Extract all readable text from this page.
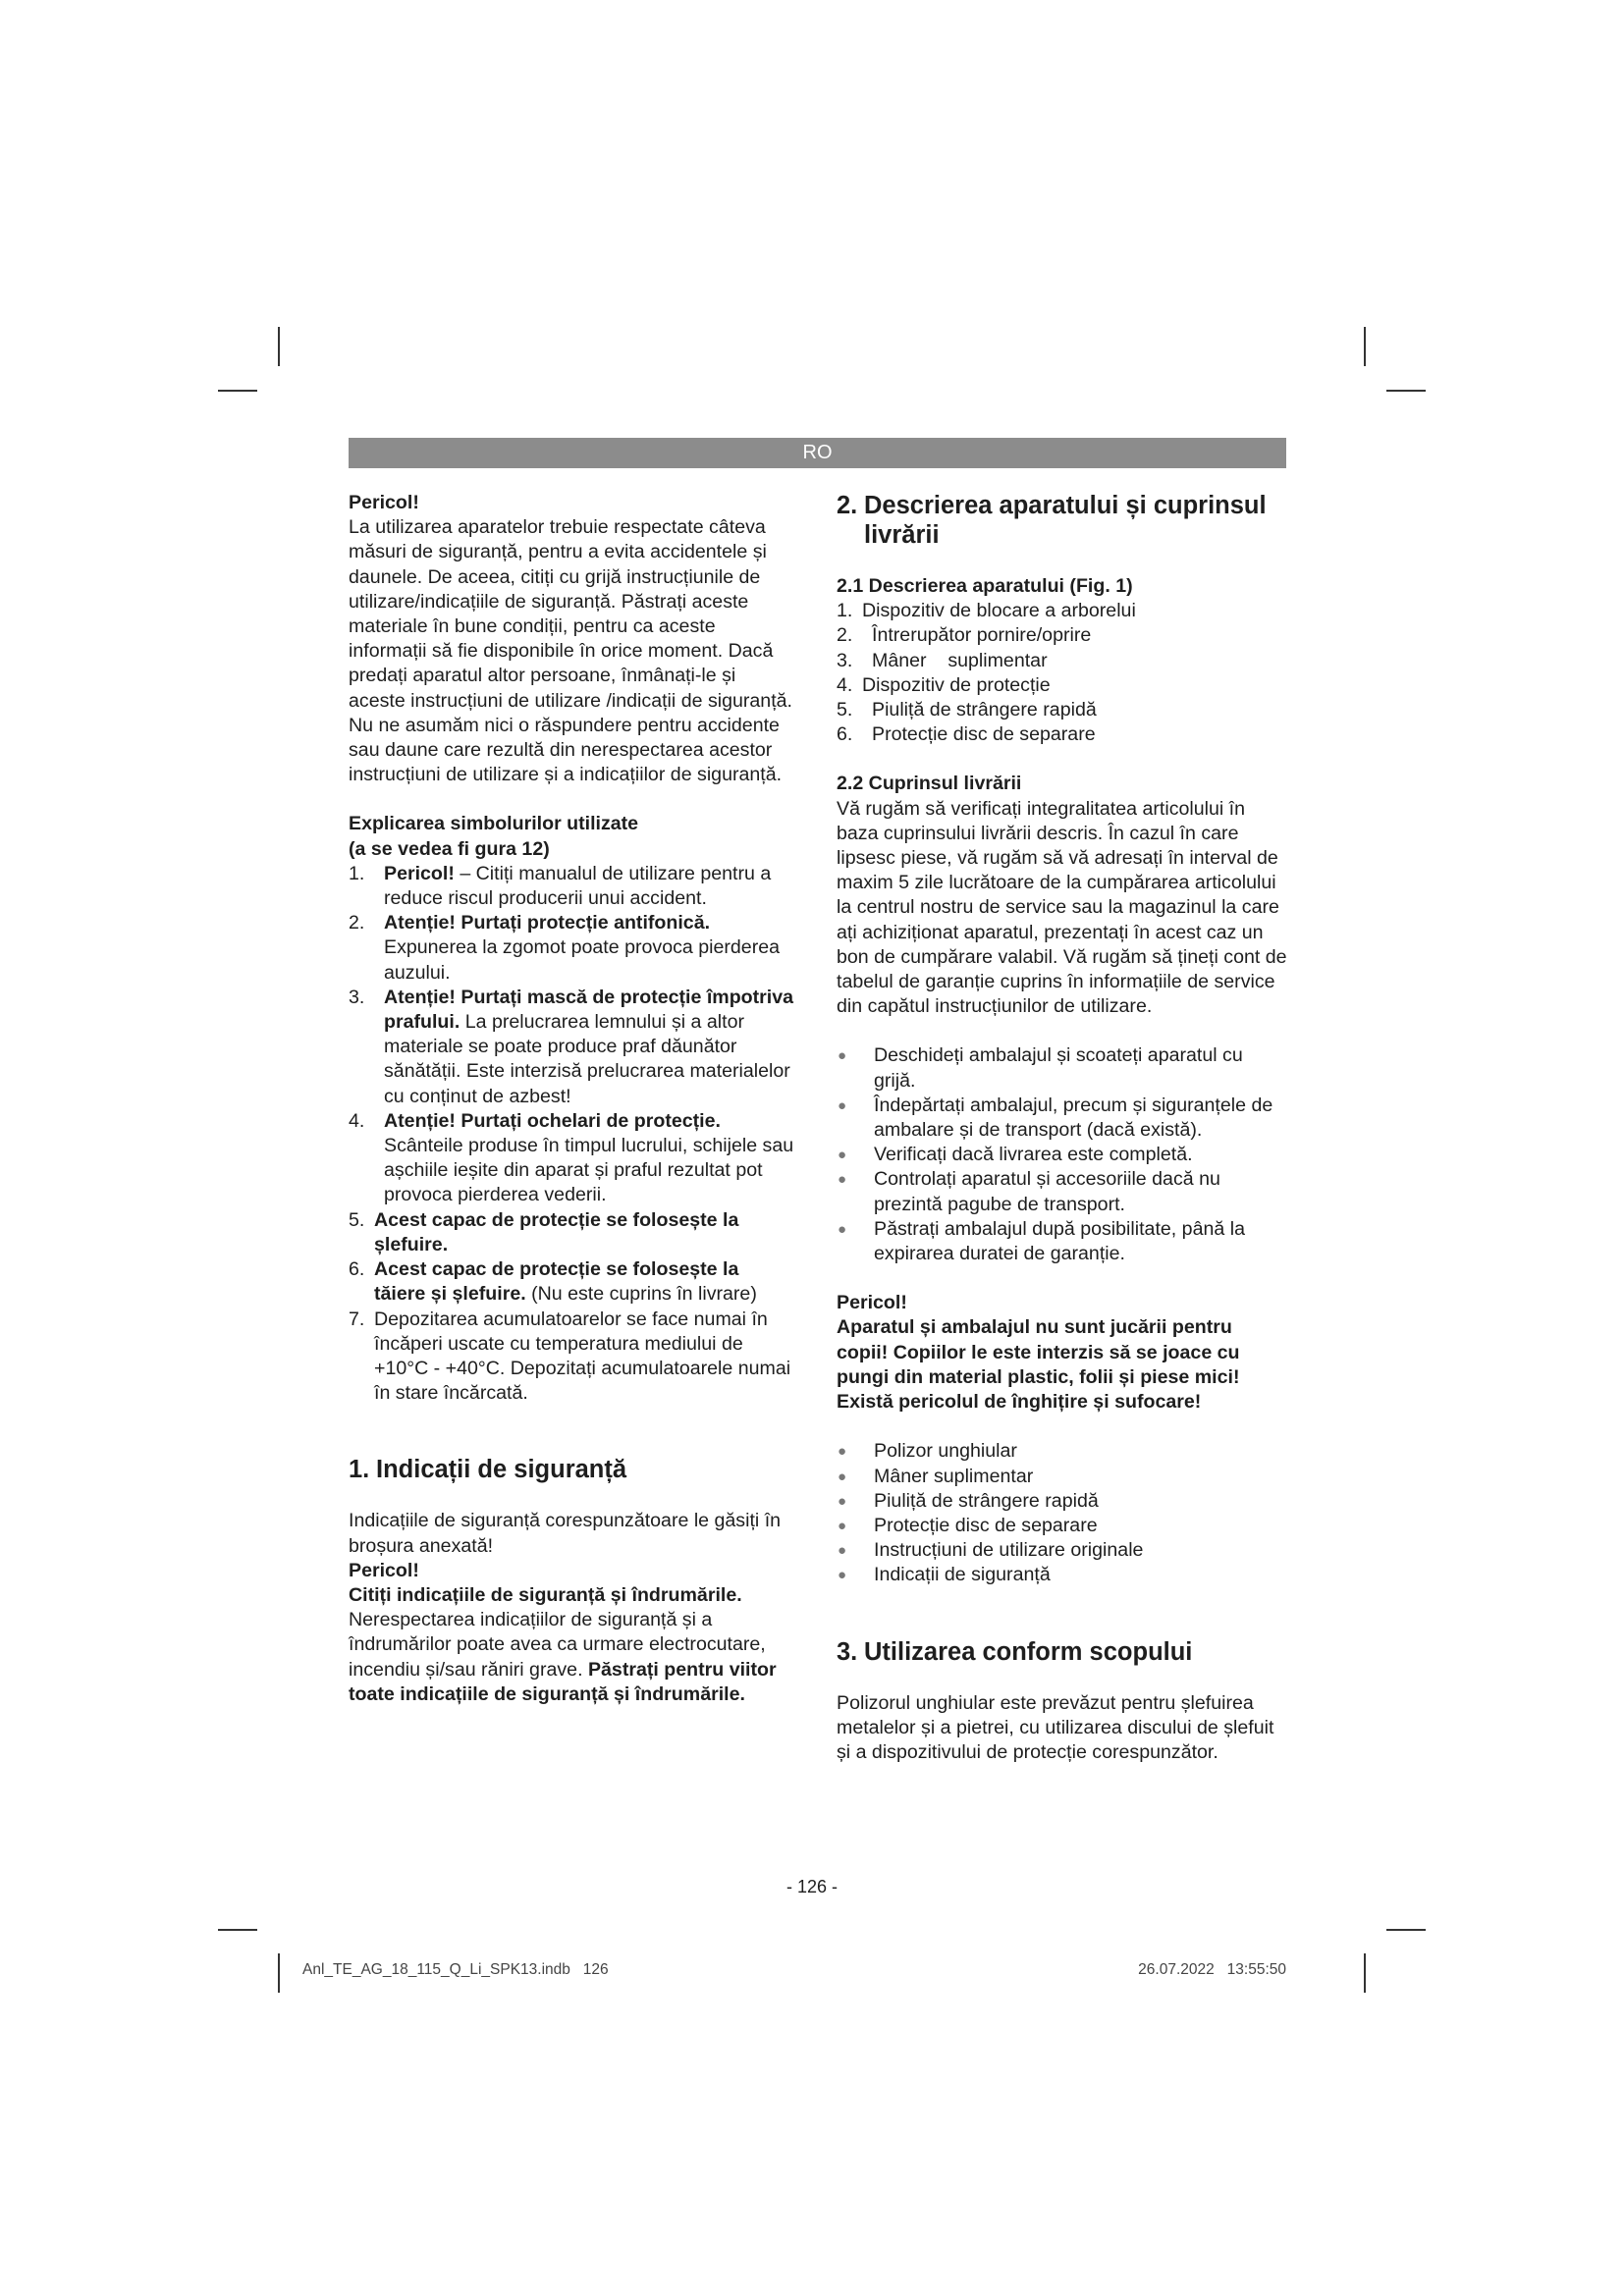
RO

Pericol!

La utilizarea aparatelor trebuie respectate câteva măsuri de siguranță, pentru a evita accidentele și daunele. De aceea, citiți cu grijă instrucțiunile de utilizare/indicațiile de siguranță. Păstrați aceste materiale în bune condiții, pentru ca aceste informații să fie disponibile în orice moment. Dacă predați aparatul altor persoane, înmânați-le și aceste instrucțiuni de utilizare /indicații de siguranță. Nu ne asumăm nici o răspundere pentru accidente sau daune care rezultă din nerespectarea acestor instrucțiuni de utilizare și a indicațiilor de siguranță.

Explicarea simbolurilor utilizate

(a se vedea fi gura 12)

1. Pericol! – Citiți manualul de utilizare pentru a reduce riscul producerii unui accident.
2. Atenție! Purtați protecție antifonică. Expunerea la zgomot poate provoca pierderea auzului.
3. Atenție! Purtați mască de protecție împotriva prafului. La prelucrarea lemnului și a altor materiale se poate produce praf dăunător sănătății. Este interzisă prelucrarea materialelor cu conținut de azbest!
4. Atenție! Purtați ochelari de protecție. Scânteile produse în timpul lucrului, schijele sau așchiile ieșite din aparat și praful rezultat pot provoca pierderea vederii.
5. Acest capac de protecție se folosește la șlefuire.
6. Acest capac de protecție se folosește la tăiere și șlefuire. (Nu este cuprins în livrare)
7. Depozitarea acumulatoarelor se face numai în încăperi uscate cu temperatura mediului de +10°C - +40°C. Depozitați acumulatoarele numai în stare încărcată.
1. Indicații de siguranță

Indicațiile de siguranță corespunzătoare le găsiți în broșura anexată!

Pericol!

Citiți indicațiile de siguranță și îndrumările.

Nerespectarea indicațiilor de siguranță și a îndrumărilor poate avea ca urmare electrocutare, incendiu și/sau răniri grave. Păstrați pentru viitor toate indicațiile de siguranță și îndrumările.

2. Descrierea aparatului și cuprinsul livrării
2.1 Descrierea aparatului (Fig. 1)
1. Dispozitiv de blocare a arborelui
2. Întrerupător pornire/oprire
3. Mâner    suplimentar
4. Dispozitiv de protecție
5. Piuliță de strângere rapidă
6. Protecție disc de separare
2.2 Cuprinsul livrării

Vă rugăm să verificați integralitatea articolului în baza cuprinsului livrării descris. În cazul în care lipsesc piese, vă rugăm să vă adresați în interval de maxim 5 zile lucrătoare de la cumpărarea articolului la centrul nostru de service sau la magazinul la care ați achiziționat aparatul, prezentați în acest caz un bon de cumpărare valabil. Vă rugăm să țineți cont de tabelul de garanție cuprins în informațiile de service din capătul instrucțiunilor de utilizare.

● Deschideți ambalajul și scoateți aparatul cu grijă.
● Îndepărtați ambalajul, precum și siguranțele de ambalare și de transport (dacă există).
● Verificați dacă livrarea este completă.
● Controlați aparatul și accesoriile dacă nu prezintă pagube de transport.
● Păstrați ambalajul după posibilitate, până la expirarea duratei de garanție.

Pericol!

Aparatul și ambalajul nu sunt jucării pentru copii! Copiilor le este interzis să se joace cu pungi din material plastic, folii și piese mici! Există pericolul de înghițire și sufocare!

● Polizor unghiular
● Mâner suplimentar
● Piuliță de strângere rapidă
● Protecție disc de separare
● Instrucțiuni de utilizare originale
● Indicații de siguranță
3. Utilizarea conform scopului

Polizorul unghiular este prevăzut pentru șlefuirea metalelor și a pietrei, cu utilizarea discului de șlefuit și a dispozitivului de protecție corespunzător.

- 126 -
Anl_TE_AG_18_115_Q_Li_SPK13.indb   126	26.07.2022   13:55:50
